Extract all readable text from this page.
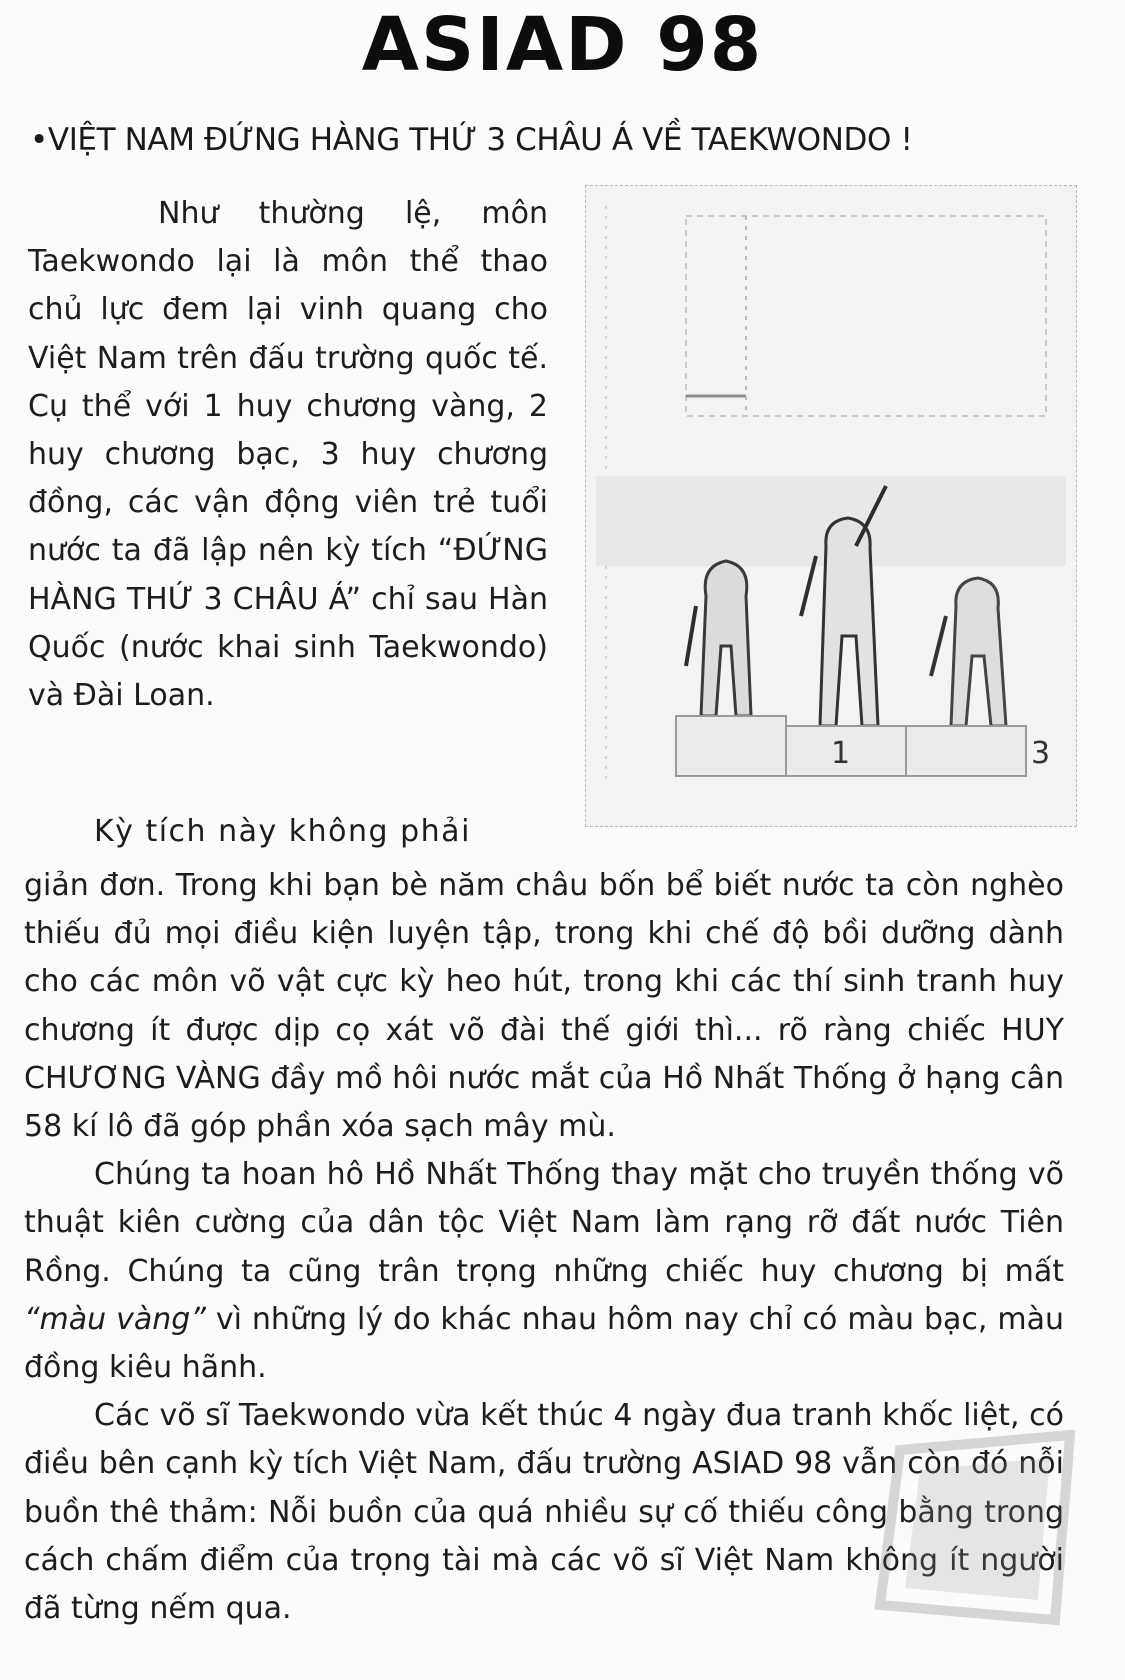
ASIAD 98
•VIỆT NAM ĐỨNG HÀNG THỨ 3 CHÂU Á VỀ TAEKWONDO !

Như thường lệ, môn Taekwondo lại là môn thể thao chủ lực đem lại vinh quang cho Việt Nam trên đấu trường quốc tế. Cụ thể với 1 huy chương vàng, 2 huy chương bạc, 3 huy chương đồng, các vận động viên trẻ tuổi nước ta đã lập nên kỳ tích “ĐỨNG HÀNG THỨ 3 CHÂU Á” chỉ sau Hàn Quốc (nước khai sinh Taekwondo) và Đài Loan.

1	3
Kỳ tích này không phải

giản đơn. Trong khi bạn bè năm châu bốn bể biết nước ta còn nghèo thiếu đủ mọi điều kiện luyện tập, trong khi chế độ bồi dưỡng dành cho các môn võ vật cực kỳ heo hút, trong khi các thí sinh tranh huy chương ít được dịp cọ xát võ đài thế giới thì... rõ ràng chiếc HUY CHƯƠNG VÀNG đầy mồ hôi nước mắt của Hồ Nhất Thống ở hạng cân 58 kí lô đã góp phần xóa sạch mây mù.

Chúng ta hoan hô Hồ Nhất Thống thay mặt cho truyền thống võ thuật kiên cường của dân tộc Việt Nam làm rạng rỡ đất nước Tiên Rồng. Chúng ta cũng trân trọng những chiếc huy chương bị mất “màu vàng” vì những lý do khác nhau hôm nay chỉ có màu bạc, màu đồng kiêu hãnh.

Các võ sĩ Taekwondo vừa kết thúc 4 ngày đua tranh khốc liệt, có điều bên cạnh kỳ tích Việt Nam, đấu trường ASIAD 98 vẫn còn đó nỗi buồn thê thảm: Nỗi buồn của quá nhiều sự cố thiếu công bằng trong cách chấm điểm của trọng tài mà các võ sĩ Việt Nam không ít người đã từng nếm qua.
